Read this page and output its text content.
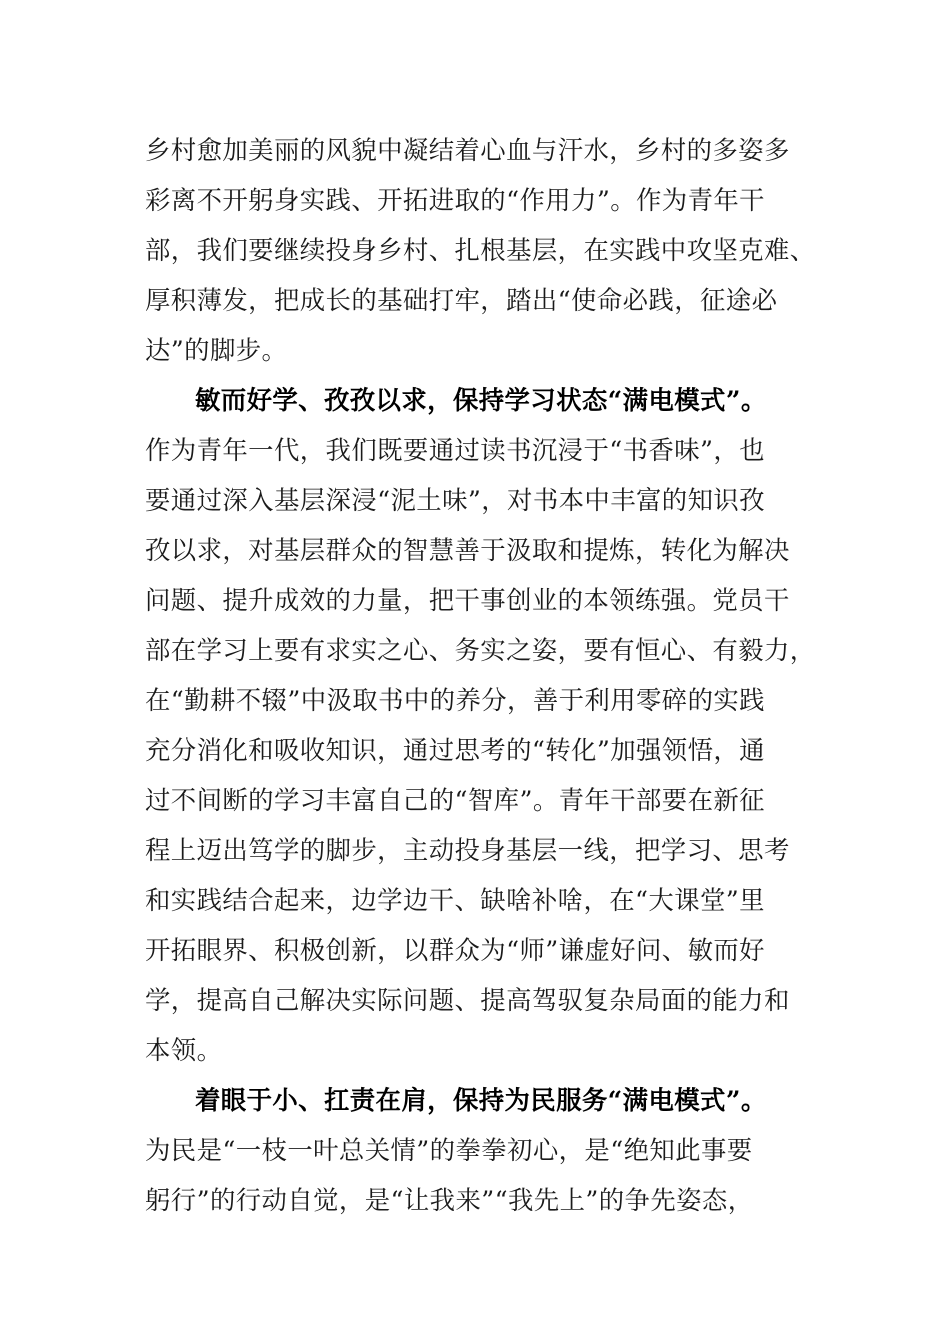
乡村愈加美丽的风貌中凝结着心血与汗水，乡村的多姿多
彩离不开躬身实践、开拓进取的“作用力”。作为青年干
部，我们要继续投身乡村、扎根基层，在实践中攻坚克难、
厚积薄发，把成长的基础打牢，踏出“使命必践，征途必
达”的脚步。
敏而好学、孜孜以求，保持学习状态“满电模式”。
作为青年一代，我们既要通过读书沉浸于“书香味”，也
要通过深入基层深浸“泥土味”，对书本中丰富的知识孜
孜以求，对基层群众的智慧善于汲取和提炼，转化为解决
问题、提升成效的力量，把干事创业的本领练强。党员干
部在学习上要有求实之心、务实之姿，要有恒心、有毅力，
在“勤耕不辍”中汲取书中的养分，善于利用零碎的实践
充分消化和吸收知识，通过思考的“转化”加强领悟，通
过不间断的学习丰富自己的“智库”。青年干部要在新征
程上迈出笃学的脚步，主动投身基层一线，把学习、思考
和实践结合起来，边学边干、缺啥补啥，在“大课堂”里
开拓眼界、积极创新，以群众为“师”谦虚好问、敏而好
学，提高自己解决实际问题、提高驾驭复杂局面的能力和
本领。
着眼于小、扛责在肩，保持为民服务“满电模式”。
为民是“一枝一叶总关情”的拳拳初心，是“绝知此事要
躬行”的行动自觉，是“让我来”“我先上”的争先姿态，
